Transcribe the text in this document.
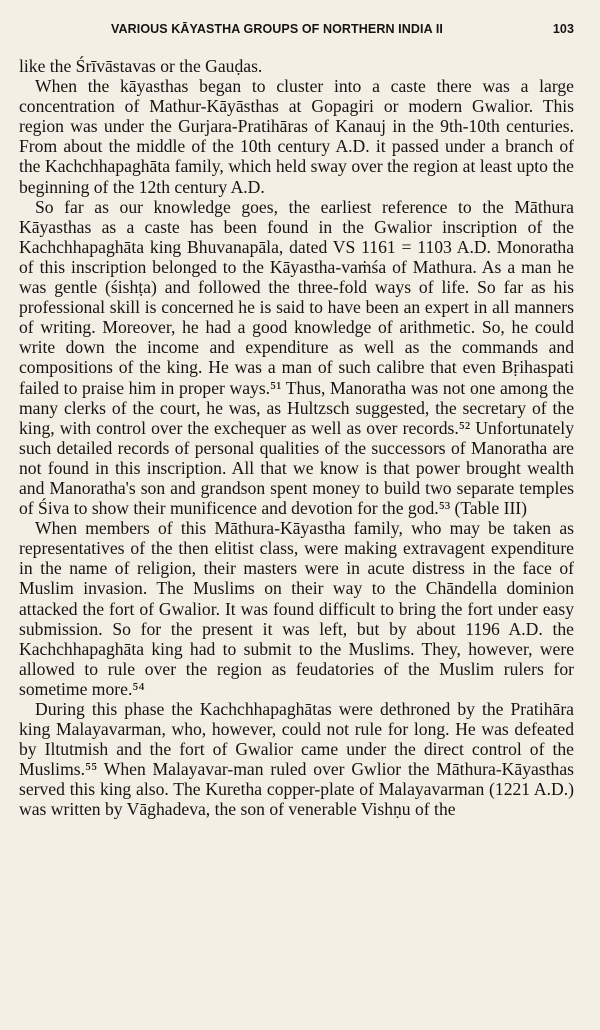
VARIOUS KĀYASTHA GROUPS OF NORTHERN INDIA II	103

like the Śrīvāstavas or the Gauḍas.

When the kāyasthas began to cluster into a caste there was a large concentration of Mathur-Kāyāsthas at Gopagiri or modern Gwalior. This region was under the Gurjara-Pratihāras of Kanauj in the 9th-10th centuries. From about the middle of the 10th century A.D. it passed under a branch of the Kachchhapaghāta family, which held sway over the region at least upto the beginning of the 12th century A.D.

So far as our knowledge goes, the earliest reference to the Māthura Kāyasthas as a caste has been found in the Gwalior inscription of the Kachchhapaghāta king Bhuvanapāla, dated VS 1161 = 1103 A.D. Monoratha of this inscription belonged to the Kāyastha-vaṁśa of Mathura. As a man he was gentle (śishṭa) and followed the three-fold ways of life. So far as his professional skill is concerned he is said to have been an expert in all manners of writing. Moreover, he had a good knowledge of arithmetic. So, he could write down the income and expenditure as well as the commands and compositions of the king. He was a man of such calibre that even Bṛihaspati failed to praise him in proper ways.⁵¹ Thus, Manoratha was not one among the many clerks of the court, he was, as Hultzsch suggested, the secretary of the king, with control over the exchequer as well as over records.⁵² Unfortunately such detailed records of personal qualities of the successors of Manoratha are not found in this inscription. All that we know is that power brought wealth and Manoratha's son and grandson spent money to build two separate temples of Śiva to show their munificence and devotion for the god.⁵³ (Table III)

When members of this Māthura-Kāyastha family, who may be taken as representatives of the then elitist class, were making extravagent expenditure in the name of religion, their masters were in acute distress in the face of Muslim invasion. The Muslims on their way to the Chāndella dominion attacked the fort of Gwalior. It was found difficult to bring the fort under easy submission. So for the present it was left, but by about 1196 A.D. the Kachchhapaghāta king had to submit to the Muslims. They, however, were allowed to rule over the region as feudatories of the Muslim rulers for sometime more.⁵⁴

During this phase the Kachchhapaghātas were dethroned by the Pratihāra king Malayavarman, who, however, could not rule for long. He was defeated by Iltutmish and the fort of Gwalior came under the direct control of the Muslims.⁵⁵ When Malayavar-man ruled over Gwlior the Māthura-Kāyasthas served this king also. The Kuretha copper-plate of Malayavarman (1221 A.D.) was written by Vāghadeva, the son of venerable Vishṇu of the
